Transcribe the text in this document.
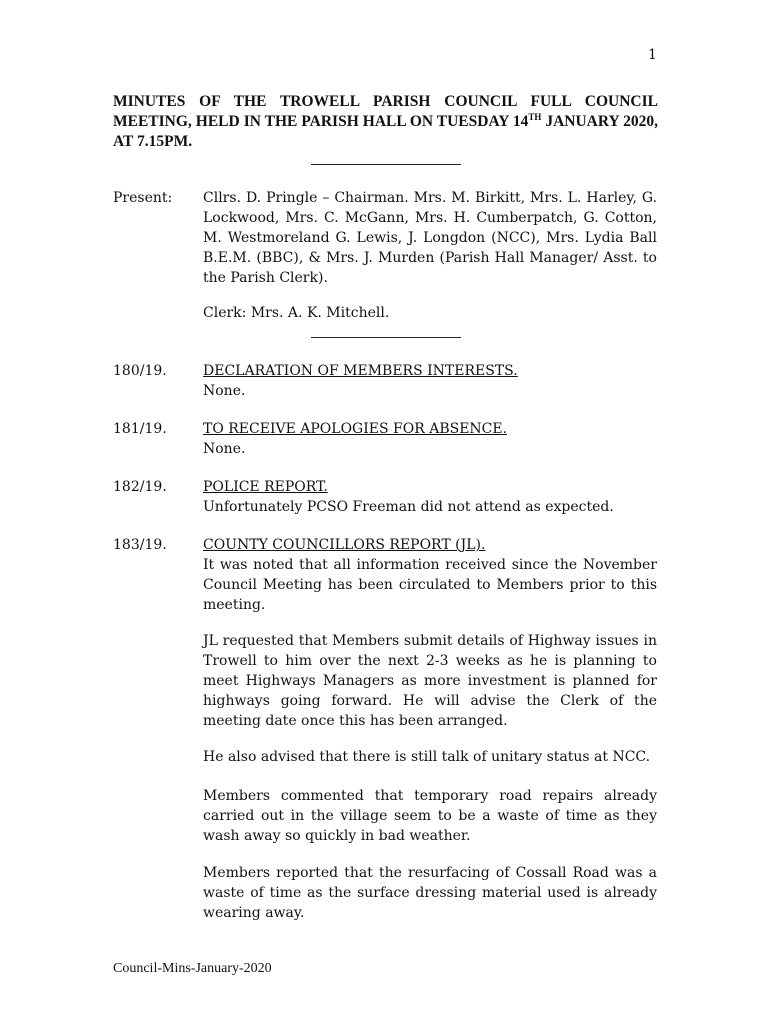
1
MINUTES OF THE TROWELL PARISH COUNCIL FULL COUNCIL MEETING, HELD IN THE PARISH HALL ON TUESDAY 14TH JANUARY 2020, AT 7.15PM.
Present: Cllrs. D. Pringle – Chairman. Mrs. M. Birkitt, Mrs. L. Harley, G. Lockwood, Mrs. C. McGann, Mrs. H. Cumberpatch, G. Cotton, M. Westmoreland G. Lewis, J. Longdon (NCC), Mrs. Lydia Ball B.E.M. (BBC), & Mrs. J. Murden (Parish Hall Manager/ Asst. to the Parish Clerk).
Clerk: Mrs. A. K. Mitchell.
180/19.	DECLARATION OF MEMBERS INTERESTS.
None.
181/19.	TO RECEIVE APOLOGIES FOR ABSENCE.
None.
182/19.	POLICE REPORT.
Unfortunately PCSO Freeman did not attend as expected.
183/19.	COUNTY COUNCILLORS REPORT (JL).
It was noted that all information received since the November Council Meeting has been circulated to Members prior to this meeting.
JL requested that Members submit details of Highway issues in Trowell to him over the next 2-3 weeks as he is planning to meet Highways Managers as more investment is planned for highways going forward. He will advise the Clerk of the meeting date once this has been arranged.
He also advised that there is still talk of unitary status at NCC.
Members commented that temporary road repairs already carried out in the village seem to be a waste of time as they wash away so quickly in bad weather.
Members reported that the resurfacing of Cossall Road was a waste of time as the surface dressing material used is already wearing away.
Council-Mins-January-2020
